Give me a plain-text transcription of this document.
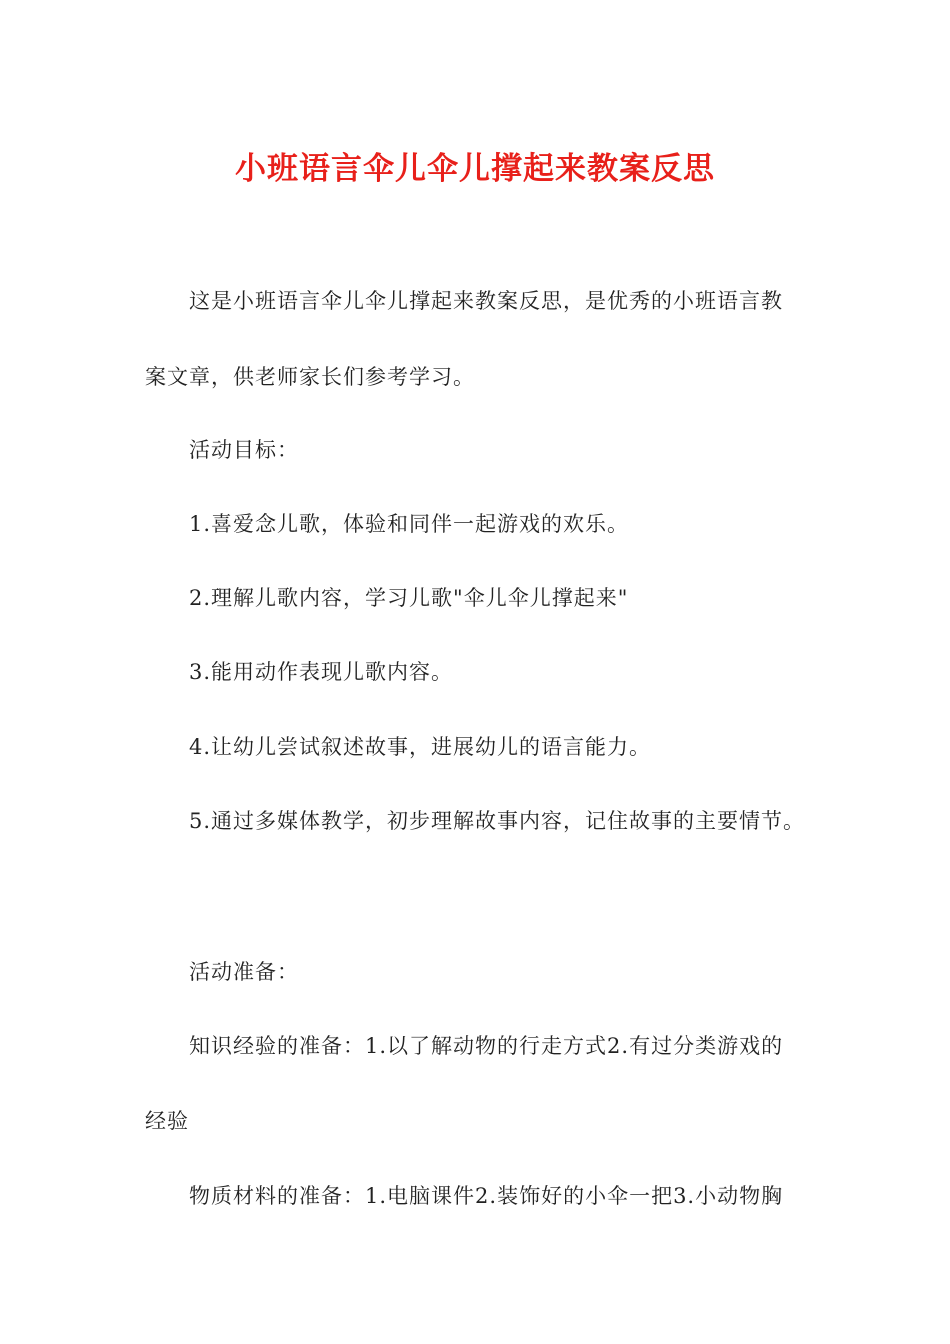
小班语言伞儿伞儿撑起来教案反思
这是小班语言伞儿伞儿撑起来教案反思，是优秀的小班语言教
案文章，供老师家长们参考学习。
活动目标：
1.喜爱念儿歌，体验和同伴一起游戏的欢乐。
2.理解儿歌内容，学习儿歌"伞儿伞儿撑起来"
3.能用动作表现儿歌内容。
4.让幼儿尝试叙述故事，进展幼儿的语言能力。
5.通过多媒体教学，初步理解故事内容，记住故事的主要情节。
活动准备：
知识经验的准备：1.以了解动物的行走方式2.有过分类游戏的
经验
物质材料的准备：1.电脑课件2.装饰好的小伞一把3.小动物胸
